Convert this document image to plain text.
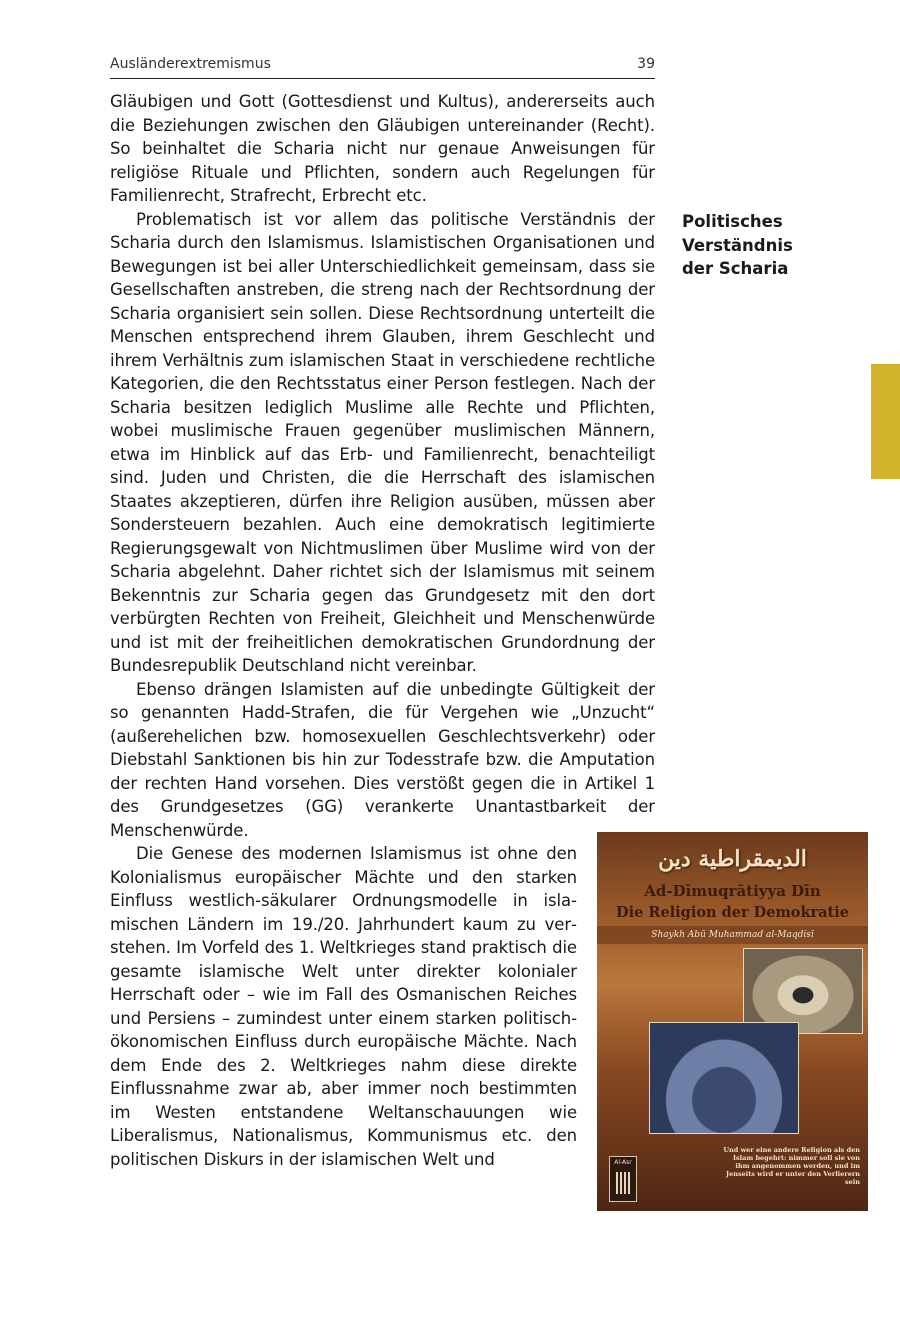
Ausländerextremismus	39
Politisches
Verständnis
der Scharia

Gläubigen und Gott (Gottesdienst und Kultus), andererseits auch die Beziehungen zwischen den Gläubigen untereinander (Recht). So beinhaltet die Scharia nicht nur genaue Anweisungen für religiöse Rituale und Pflichten, sondern auch Regelungen für Familienrecht, Strafrecht, Erbrecht etc.

Problematisch ist vor allem das politische Verständnis der Scharia durch den Islamismus. Islamistischen Organisationen und Bewegungen ist bei aller Unterschiedlichkeit gemeinsam, dass sie Gesellschaften anstreben, die streng nach der Rechtsordnung der Scharia organisiert sein sollen. Diese Rechtsordnung unterteilt die Menschen entsprechend ihrem Glauben, ihrem Geschlecht und ihrem Verhältnis zum islamischen Staat in verschiedene rechtliche Kategorien, die den Rechtsstatus einer Person festlegen. Nach der Scharia besitzen lediglich Muslime alle Rechte und Pflichten, wobei muslimische Frauen gegenüber muslimischen Männern, etwa im Hinblick auf das Erb- und Familienrecht, benachteiligt sind. Juden und Christen, die die Herrschaft des islamischen Staates akzeptieren, dürfen ihre Religion ausüben, müssen aber Sondersteuern bezahlen. Auch eine demokratisch legitimierte Regierungsgewalt von Nichtmuslimen über Muslime wird von der Scharia abgelehnt. Daher richtet sich der Islamismus mit seinem Bekenntnis zur Scharia gegen das Grundgesetz mit den dort verbürgten Rechten von Freiheit, Gleichheit und Menschenwürde und ist mit der freiheitlichen demokratischen Grundordnung der Bundesrepublik Deutschland nicht vereinbar.

Ebenso drängen Islamisten auf die unbedingte Gültigkeit der so genannten Hadd-Strafen, die für Vergehen wie „Unzucht“ (außerehelichen bzw. homosexuellen Geschlechtsverkehr) oder Diebstahl Sanktionen bis hin zur Todesstrafe bzw. die Amputation der rechten Hand vorsehen. Dies verstößt gegen die in Artikel 1 des Grundgesetzes (GG) verankerte Unantastbarkeit der Menschenwürde.

Die Genese des modernen Islamismus ist ohne den Kolonialismus europäischer Mächte und den starken Einfluss westlich-säkularer Ordnungsmodelle in islamischen Ländern im 19./20. Jahrhundert kaum zu verstehen. Im Vorfeld des 1. Weltkrieges stand praktisch die gesamte islamische Welt unter direkter kolonialer Herrschaft oder – wie im Fall des Osmanischen Reiches und Persiens – zumindest unter einem starken politisch-ökonomischen Einfluss durch europäische Mächte. Nach dem Ende des 2. Weltkrieges nahm diese direkte Einflussnahme zwar ab, aber immer noch bestimmten im Westen entstandene Weltanschauungen wie Liberalismus, Nationalismus, Kommunismus etc. den politischen Diskurs in der islamischen Welt und

الديمقراطية دين
Ad-Dīmuqrātiyya Dīn
Die Religion der Demokratie
Shaykh Abū Muhammad al-Maqdisī
Und wer eine andere Religion als den Islam begehrt: nimmer soll sie von ihm angenommen werden, und im Jenseits wird er unter den Verlierern sein
Al-Asr
